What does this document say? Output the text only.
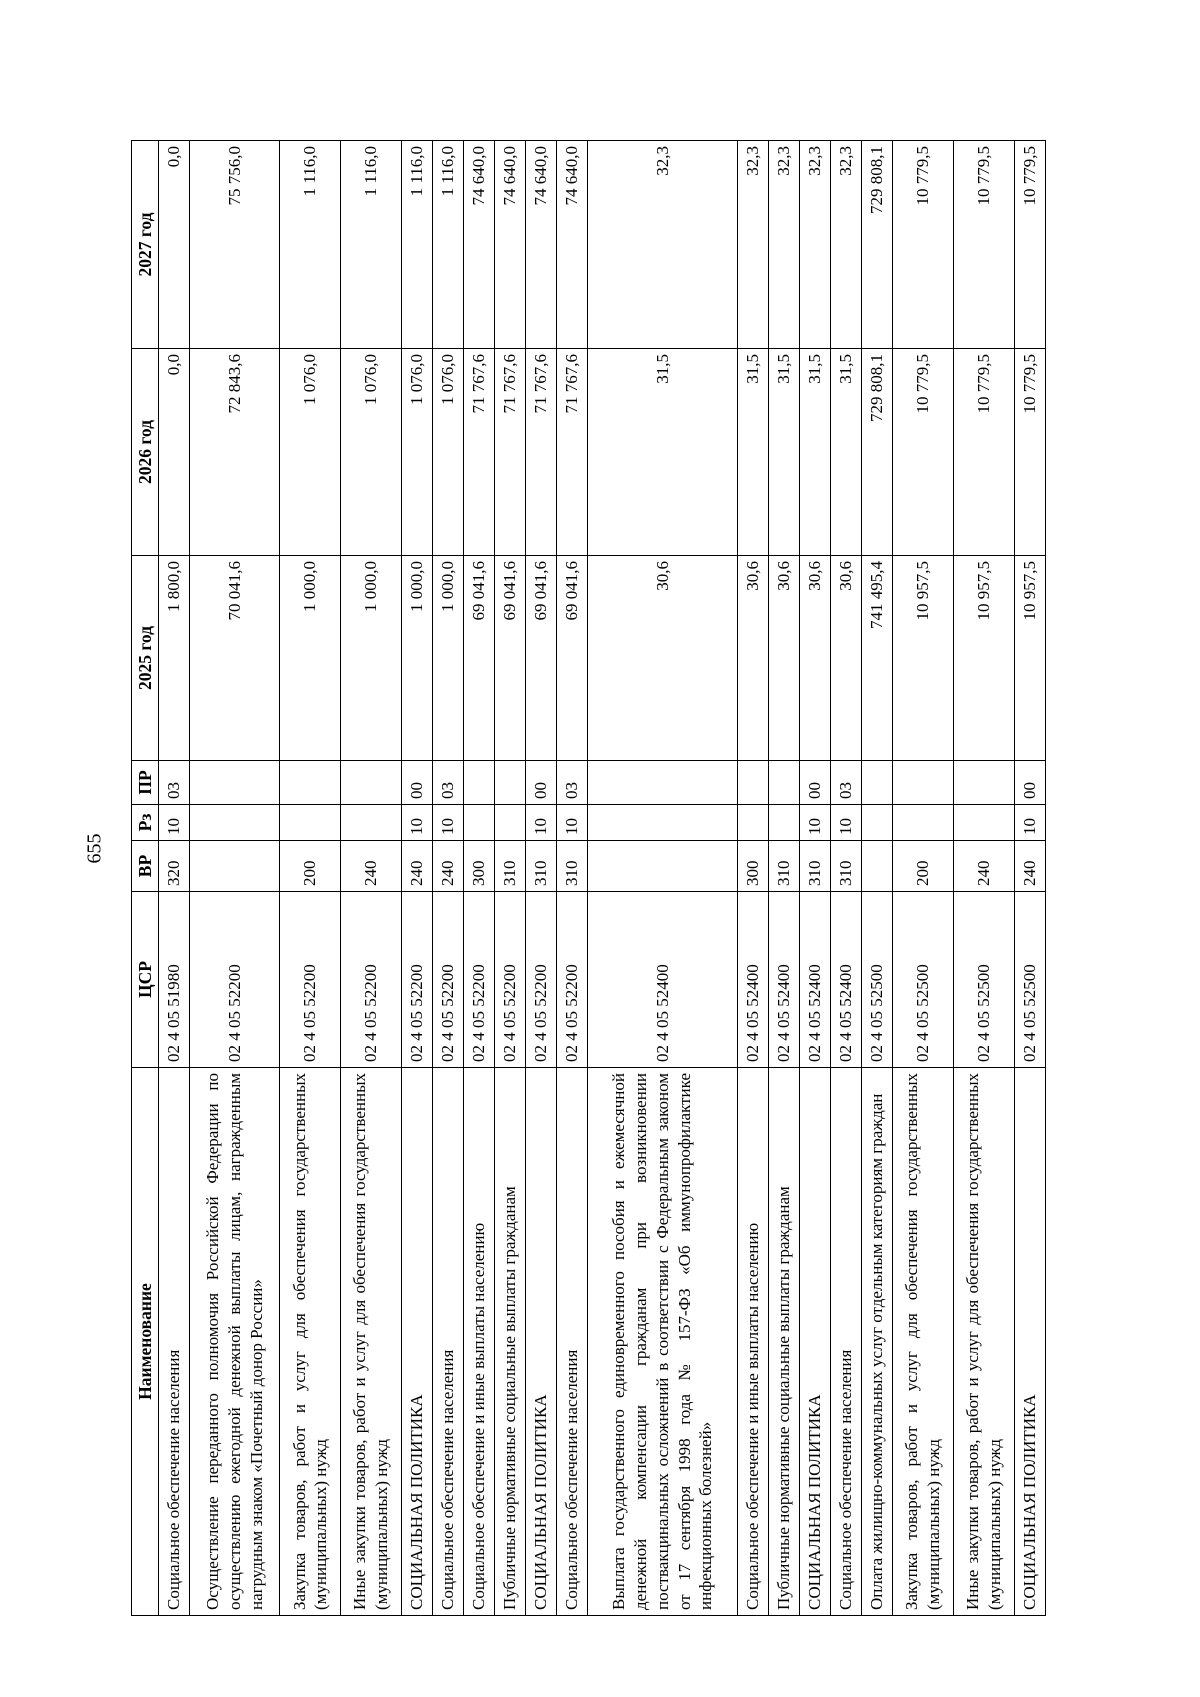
655
Наименование	ЦСР	ВР	Рз	ПР	2025 год	2026 год	2027 год
Социальное обеспечение населения	02 4 05 51980	320	10	03	1 800,0	0,0	0,0
Осуществление переданного полномочия Российской Федерации по осуществлению ежегодной денежной выплаты лицам, награжденным нагрудным знаком «Почетный донор России»	02 4 05 52200				70 041,6	72 843,6	75 756,0
Закупка товаров, работ и услуг для обеспечения государственных (муниципальных) нужд	02 4 05 52200	200			1 000,0	1 076,0	1 116,0
Иные закупки товаров, работ и услуг для обеспечения государственных (муниципальных) нужд	02 4 05 52200	240			1 000,0	1 076,0	1 116,0
СОЦИАЛЬНАЯ ПОЛИТИКА	02 4 05 52200	240	10	00	1 000,0	1 076,0	1 116,0
Социальное обеспечение населения	02 4 05 52200	240	10	03	1 000,0	1 076,0	1 116,0
Социальное обеспечение и иные выплаты населению	02 4 05 52200	300			69 041,6	71 767,6	74 640,0
Публичные нормативные социальные выплаты гражданам	02 4 05 52200	310			69 041,6	71 767,6	74 640,0
СОЦИАЛЬНАЯ ПОЛИТИКА	02 4 05 52200	310	10	00	69 041,6	71 767,6	74 640,0
Социальное обеспечение населения	02 4 05 52200	310	10	03	69 041,6	71 767,6	74 640,0
Выплата государственного единовременного пособия и ежемесячной денежной компенсации гражданам при возникновении поствакцинальных осложнений в соответствии с Федеральным законом от 17 сентября 1998 года № 157-ФЗ «Об иммунопрофилактике инфекционных болезней»	02 4 05 52400				30,6	31,5	32,3
Социальное обеспечение и иные выплаты населению	02 4 05 52400	300			30,6	31,5	32,3
Публичные нормативные социальные выплаты гражданам	02 4 05 52400	310			30,6	31,5	32,3
СОЦИАЛЬНАЯ ПОЛИТИКА	02 4 05 52400	310	10	00	30,6	31,5	32,3
Социальное обеспечение населения	02 4 05 52400	310	10	03	30,6	31,5	32,3
Оплата жилищно-коммунальных услуг отдельным категориям граждан	02 4 05 52500				741 495,4	729 808,1	729 808,1
Закупка товаров, работ и услуг для обеспечения государственных (муниципальных) нужд	02 4 05 52500	200			10 957,5	10 779,5	10 779,5
Иные закупки товаров, работ и услуг для обеспечения государственных (муниципальных) нужд	02 4 05 52500	240			10 957,5	10 779,5	10 779,5
СОЦИАЛЬНАЯ ПОЛИТИКА	02 4 05 52500	240	10	00	10 957,5	10 779,5	10 779,5
